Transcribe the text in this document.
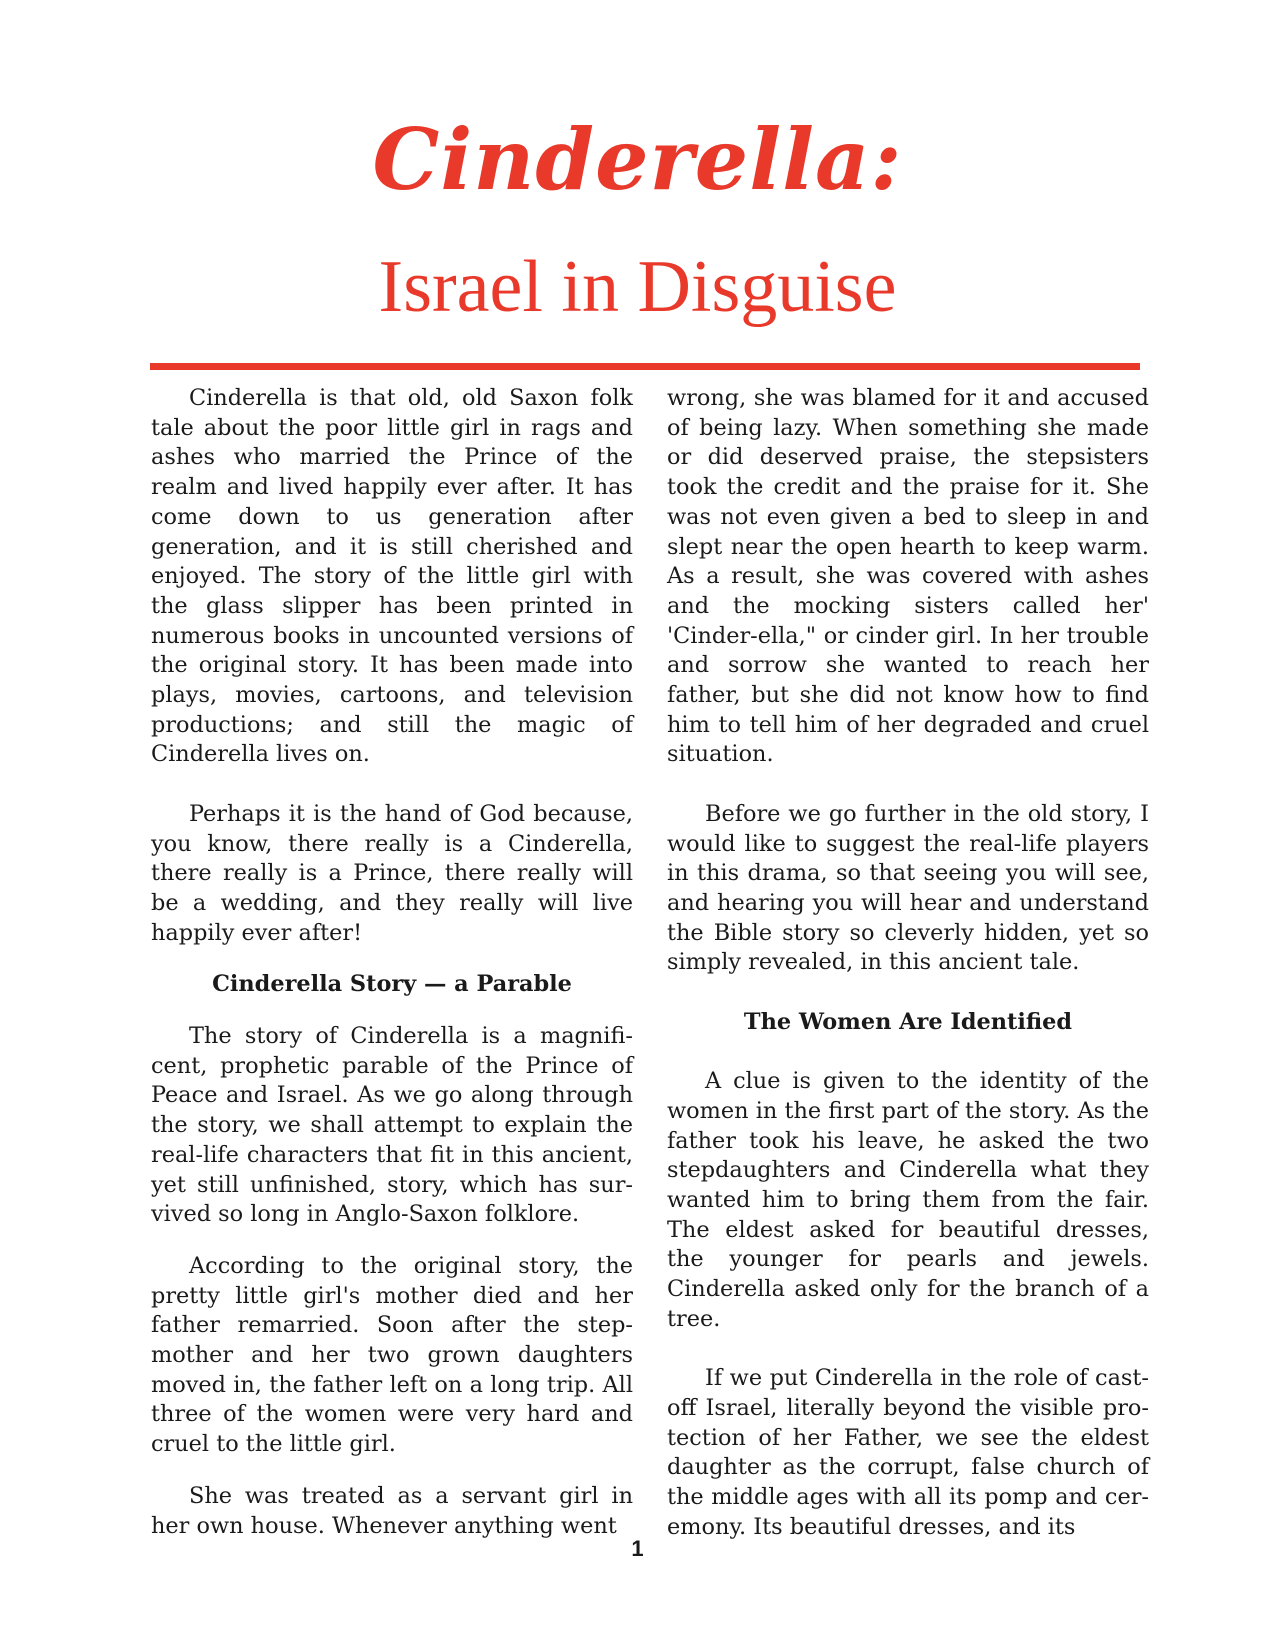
Cinderella:
Israel in Disguise

Cinderella is that old, old Saxon folk tale about the poor little girl in rags and ashes who married the Prince of the realm and lived happily ever after. It has come down to us generation after generation, and it is still cherished and enjoyed. The story of the little girl with the glass slipper has been printed in numerous books in uncounted versions of the original story. It has been made into plays, movies, cartoons, and television productions; and still the magic of Cinderella lives on.

Perhaps it is the hand of God because, you know, there really is a Cinderella, there really is a Prince, there really will be a wedding, and they really will live happily ever after!

Cinderella Story — a Parable

The story of Cinderella is a magnificent, prophetic parable of the Prince of Peace and Israel. As we go along through the story, we shall attempt to explain the real-life characters that fit in this ancient, yet still unfinished, story, which has survived so long in Anglo-Saxon folklore.

According to the original story, the pretty little girl's mother died and her father remarried. Soon after the stepmother and her two grown daughters moved in, the father left on a long trip. All three of the women were very hard and cruel to the little girl.

She was treated as a servant girl in her own house. Whenever anything went

wrong, she was blamed for it and accused of being lazy. When something she made or did deserved praise, the stepsisters took the credit and the praise for it. She was not even given a bed to sleep in and slept near the open hearth to keep warm. As a result, she was covered with ashes and the mocking sisters called her' 'Cinder-ella," or cinder girl. In her trouble and sorrow she wanted to reach her father, but she did not know how to find him to tell him of her degraded and cruel situation.

Before we go further in the old story, I would like to suggest the real-life players in this drama, so that seeing you will see, and hearing you will hear and understand the Bible story so cleverly hidden, yet so simply revealed, in this ancient tale.

The Women Are Identified

A clue is given to the identity of the women in the first part of the story. As the father took his leave, he asked the two stepdaughters and Cinderella what they wanted him to bring them from the fair. The eldest asked for beautiful dresses, the younger for pearls and jewels. Cinderella asked only for the branch of a tree.

If we put Cinderella in the role of castoff Israel, literally beyond the visible protection of her Father, we see the eldest daughter as the corrupt, false church of the middle ages with all its pomp and ceremony. Its beautiful dresses, and its

1
